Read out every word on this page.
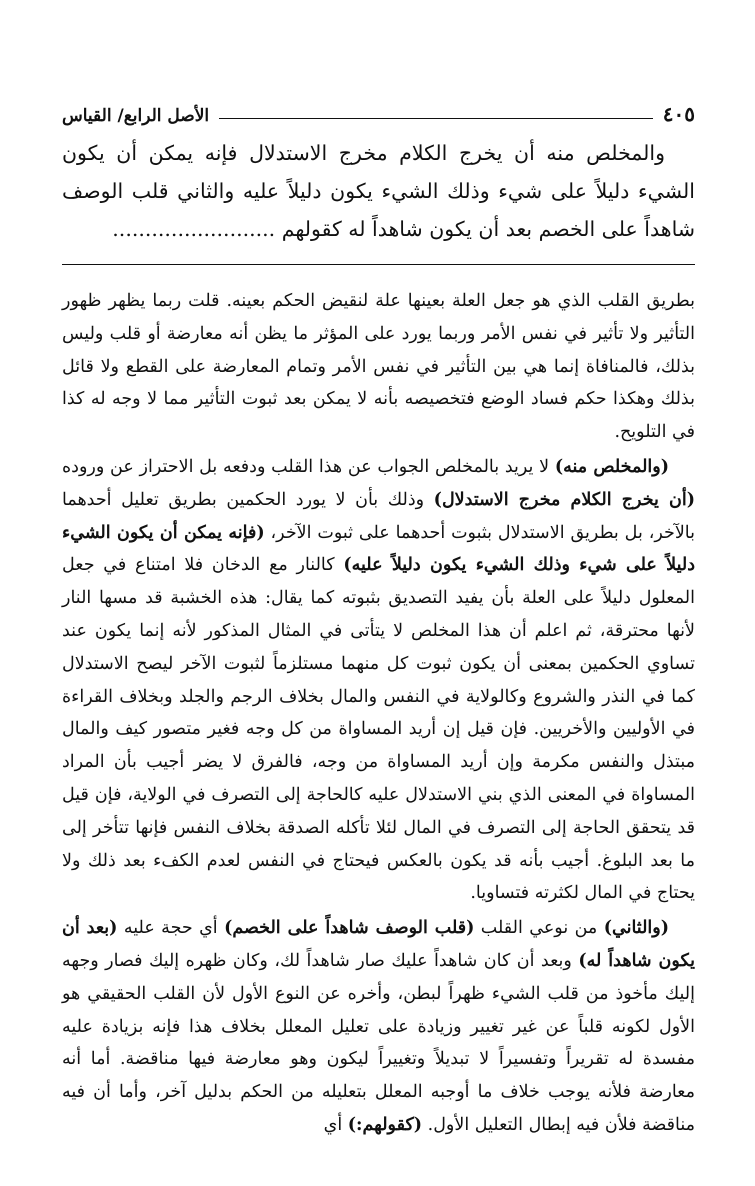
الأصل الرابع/ القياس	٤٠٥

والمخلص منه أن يخرج الكلام مخرج الاستدلال فإنه يمكن أن يكون الشيء دليلاً على شيء وذلك الشيء يكون دليلاً عليه والثاني قلب الوصف شاهداً على الخصم بعد أن يكون شاهداً له كقولهم .........................

بطريق القلب الذي هو جعل العلة بعينها علة لنقيض الحكم بعينه. قلت ربما يظهر ظهور التأثير ولا تأثير في نفس الأمر وربما يورد على المؤثر ما يظن أنه معارضة أو قلب وليس بذلك، فالمنافاة إنما هي بين التأثير في نفس الأمر وتمام المعارضة على القطع ولا قائل بذلك وهكذا حكم فساد الوضع فتخصيصه بأنه لا يمكن بعد ثبوت التأثير مما لا وجه له كذا في التلويح.

(والمخلص منه) لا يريد بالمخلص الجواب عن هذا القلب ودفعه بل الاحتراز عن وروده (أن يخرج الكلام مخرج الاستدلال) وذلك بأن لا يورد الحكمين بطريق تعليل أحدهما بالآخر، بل بطريق الاستدلال بثبوت أحدهما على ثبوت الآخر، (فإنه يمكن أن يكون الشيء دليلاً على شيء وذلك الشيء يكون دليلاً عليه) كالنار مع الدخان فلا امتناع في جعل المعلول دليلاً على العلة بأن يفيد التصديق بثبوته كما يقال: هذه الخشبة قد مسها النار لأنها محترقة، ثم اعلم أن هذا المخلص لا يتأتى في المثال المذكور لأنه إنما يكون عند تساوي الحكمين بمعنى أن يكون ثبوت كل منهما مستلزماً لثبوت الآخر ليصح الاستدلال كما في النذر والشروع وكالولاية في النفس والمال بخلاف الرجم والجلد وبخلاف القراءة في الأوليين والأخريين. فإن قيل إن أريد المساواة من كل وجه فغير متصور كيف والمال مبتذل والنفس مكرمة وإن أريد المساواة من وجه، فالفرق لا يضر أجيب بأن المراد المساواة في المعنى الذي بني الاستدلال عليه كالحاجة إلى التصرف في الولاية، فإن قيل قد يتحقق الحاجة إلى التصرف في المال لئلا تأكله الصدقة بخلاف النفس فإنها تتأخر إلى ما بعد البلوغ. أجيب بأنه قد يكون بالعكس فيحتاج في النفس لعدم الكفء بعد ذلك ولا يحتاج في المال لكثرته فتساويا.

(والثاني) من نوعي القلب (قلب الوصف شاهداً على الخصم) أي حجة عليه (بعد أن يكون شاهداً له) وبعد أن كان شاهداً عليك صار شاهداً لك، وكان ظهره إليك فصار وجهه إليك مأخوذ من قلب الشيء ظهراً لبطن، وأخره عن النوع الأول لأن القلب الحقيقي هو الأول لكونه قلباً عن غير تغيير وزيادة على تعليل المعلل بخلاف هذا فإنه بزيادة عليه مفسدة له تقريراً وتفسيراً لا تبديلاً وتغييراً ليكون وهو معارضة فيها مناقضة. أما أنه معارضة فلأنه يوجب خلاف ما أوجبه المعلل بتعليله من الحكم بدليل آخر، وأما أن فيه مناقضة فلأن فيه إبطال التعليل الأول. (كقولهم:) أي
